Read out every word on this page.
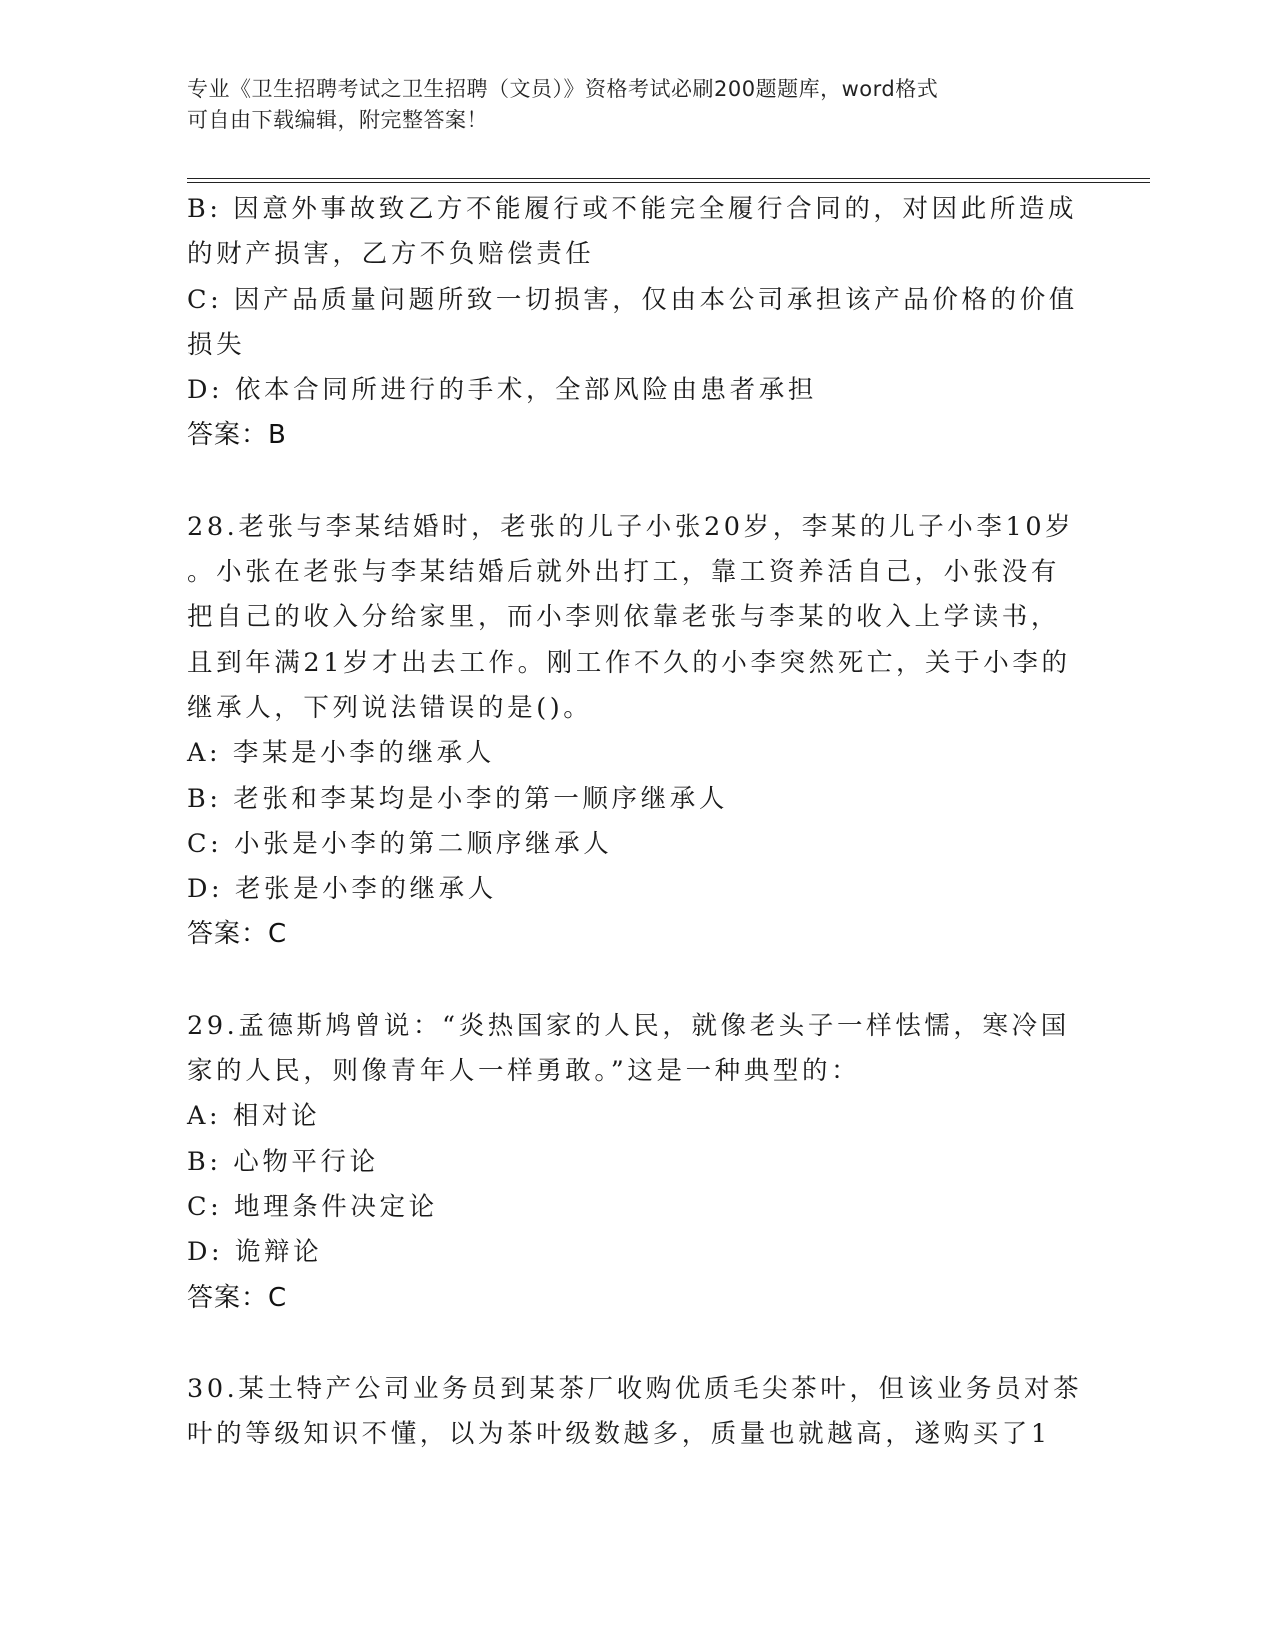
专业《卫生招聘考试之卫生招聘（文员）》资格考试必刷200题题库，word格式
可自由下载编辑，附完整答案！
B: 因意外事故致乙方不能履行或不能完全履行合同的，对因此所造成
的财产损害，乙方不负赔偿责任
C: 因产品质量问题所致一切损害，仅由本公司承担该产品价格的价值
损失
D: 依本合同所进行的手术，全部风险由患者承担
答案：B
28.老张与李某结婚时，老张的儿子小张20岁，李某的儿子小李10岁
。小张在老张与李某结婚后就外出打工，靠工资养活自己，小张没有
把自己的收入分给家里，而小李则依靠老张与李某的收入上学读书，
且到年满21岁才出去工作。刚工作不久的小李突然死亡，关于小李的
继承人，下列说法错误的是()。
A: 李某是小李的继承人
B: 老张和李某均是小李的第一顺序继承人
C: 小张是小李的第二顺序继承人
D: 老张是小李的继承人
答案：C
29.孟德斯鸠曾说：“炎热国家的人民，就像老头子一样怯懦，寒冷国
家的人民，则像青年人一样勇敢。”这是一种典型的：
A: 相对论
B: 心物平行论
C: 地理条件决定论
D: 诡辩论
答案：C
30.某土特产公司业务员到某茶厂收购优质毛尖茶叶，但该业务员对茶
叶的等级知识不懂，以为茶叶级数越多，质量也就越高，遂购买了1
